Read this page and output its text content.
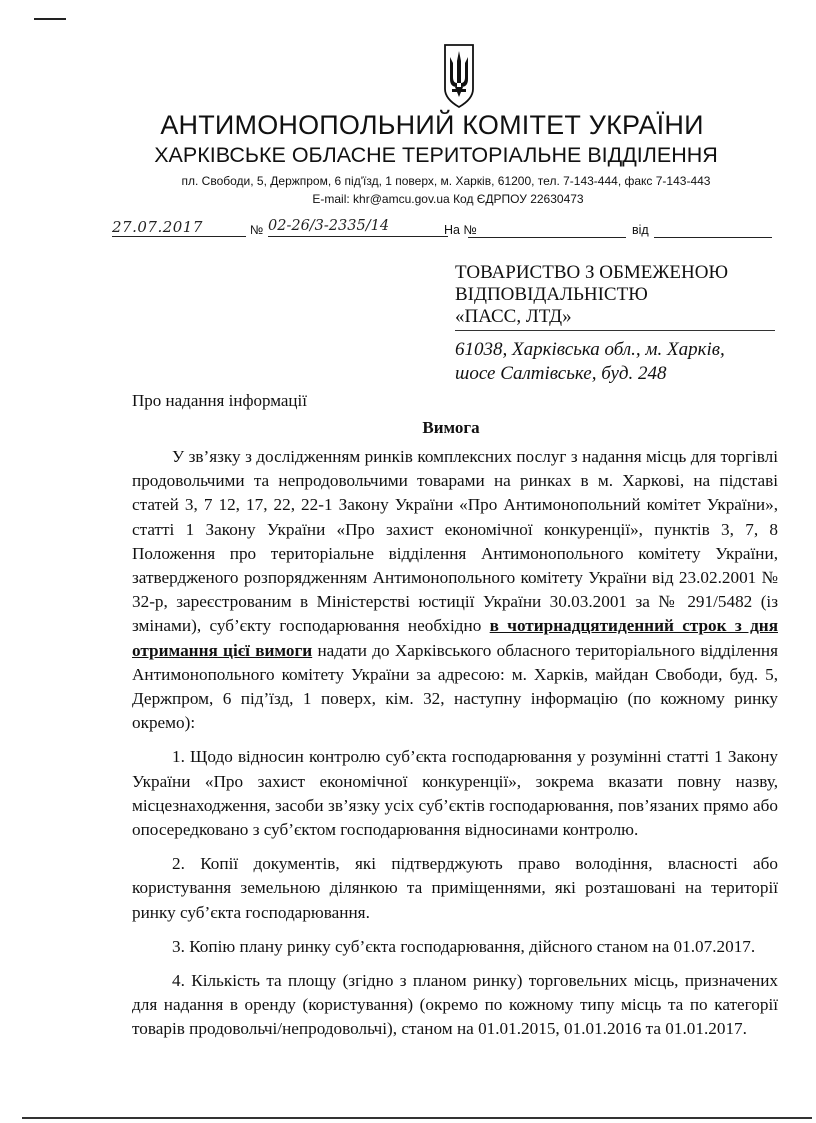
АНТИМОНОПОЛЬНИЙ КОМІТЕТ УКРАЇНИ
ХАРКІВСЬКЕ ОБЛАСНЕ ТЕРИТОРІАЛЬНЕ ВІДДІЛЕННЯ
пл. Свободи, 5, Держпром, 6 під'їзд, 1 поверх, м. Харків, 61200, тел. 7-143-444, факс 7-143-443
E-mail: khr@amcu.gov.ua Код ЄДРПОУ 22630473
27.07.2017	№ 02-26/3-2335/14	На №	від
ТОВАРИСТВО З ОБМЕЖЕНОЮ
ВІДПОВІДАЛЬНІСТЮ
«ПАСС, ЛТД»
61038, Харківська обл., м. Харків,
шосе Салтівське, буд. 248
Про надання інформації
Вимога

У зв’язку з дослідженням ринків комплексних послуг з надання місць для торгівлі продовольчими та непродовольчими товарами на ринках в м. Харкові, на підставі статей 3, 7 12, 17, 22, 22-1 Закону України «Про Антимонопольний комітет України», статті 1 Закону України «Про захист економічної конкуренції», пунктів 3, 7, 8 Положення про територіальне відділення Антимонопольного комітету України, затвердженого розпорядженням Антимонопольного комітету України від 23.02.2001 № 32-р, зареєстрованим в Міністерстві юстиції України 30.03.2001 за № 291/5482 (із змінами), суб’єкту господарювання необхідно в чотирнадцятиденний строк з дня отримання цієї вимоги надати до Харківського обласного територіального відділення Антимонопольного комітету України за адресою: м. Харків, майдан Свободи, буд. 5, Держпром, 6 під’їзд, 1 поверх, кім. 32, наступну інформацію (по кожному ринку окремо):

1. Щодо відносин контролю суб’єкта господарювання у розумінні статті 1 Закону України «Про захист економічної конкуренції», зокрема вказати повну назву, місцезнаходження, засоби зв’язку усіх суб’єктів господарювання, пов’язаних прямо або опосередковано з суб’єктом господарювання відносинами контролю.

2. Копії документів, які підтверджують право володіння, власності або користування земельною ділянкою та приміщеннями, які розташовані на території ринку суб’єкта господарювання.

3. Копію плану ринку суб’єкта господарювання, дійсного станом на 01.07.2017.

4. Кількість та площу (згідно з планом ринку) торговельних місць, призначених для надання в оренду (користування) (окремо по кожному типу місць та по категорії товарів продовольчі/непродовольчі), станом на 01.01.2015, 01.01.2016 та 01.01.2017.
